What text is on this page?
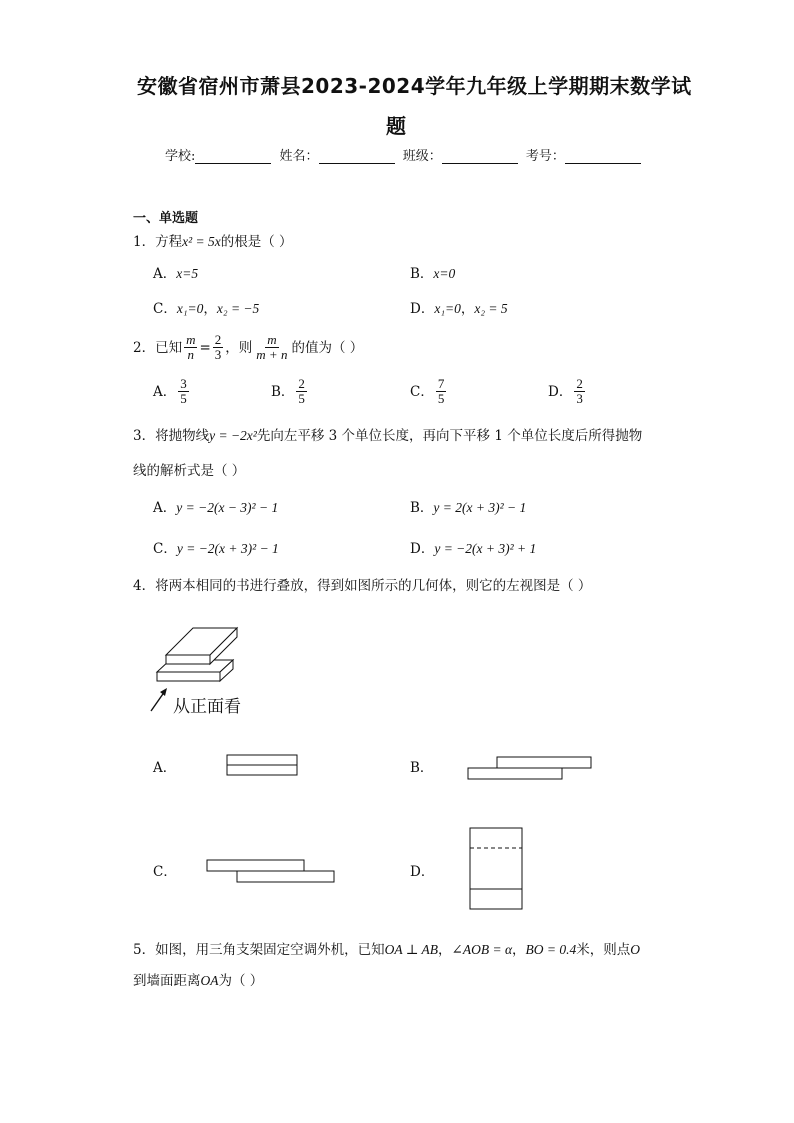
安徽省宿州市萧县2023-2024学年九年级上学期期末数学试
题
学校:	姓名：	班级：	考号：
一、单选题
1．方程x² = 5x的根是（ ）
A．x=5	B．x=0
C．x₁=0，x₂ = −5	D．x₁=0，x₂ = 5
2．已知 $\frac{m}{n} = \frac{2}{3}$ ，则 $\frac{m}{m + n}$ 的值为（ ）
A． $\frac{3}{5}$	B． $\frac{2}{5}$	C． $\frac{7}{5}$	D． $\frac{2}{3}$
3．将抛物线y = −2x²先向左平移 3 个单位长度，再向下平移 1 个单位长度后所得抛物
线的解析式是（ ）
A．y = −2(x − 3)² − 1	B．y = 2(x + 3)² − 1
C．y = −2(x + 3)² − 1	D．y = −2(x + 3)² + 1
4．将两本相同的书进行叠放，得到如图所示的几何体，则它的左视图是（ ）
从正面看
A．	B．
C．	D．
5．如图，用三角支架固定空调外机，已知OA ⊥ AB，∠AOB = α，BO = 0.4米，则点O
到墙面距离OA为（ ）
